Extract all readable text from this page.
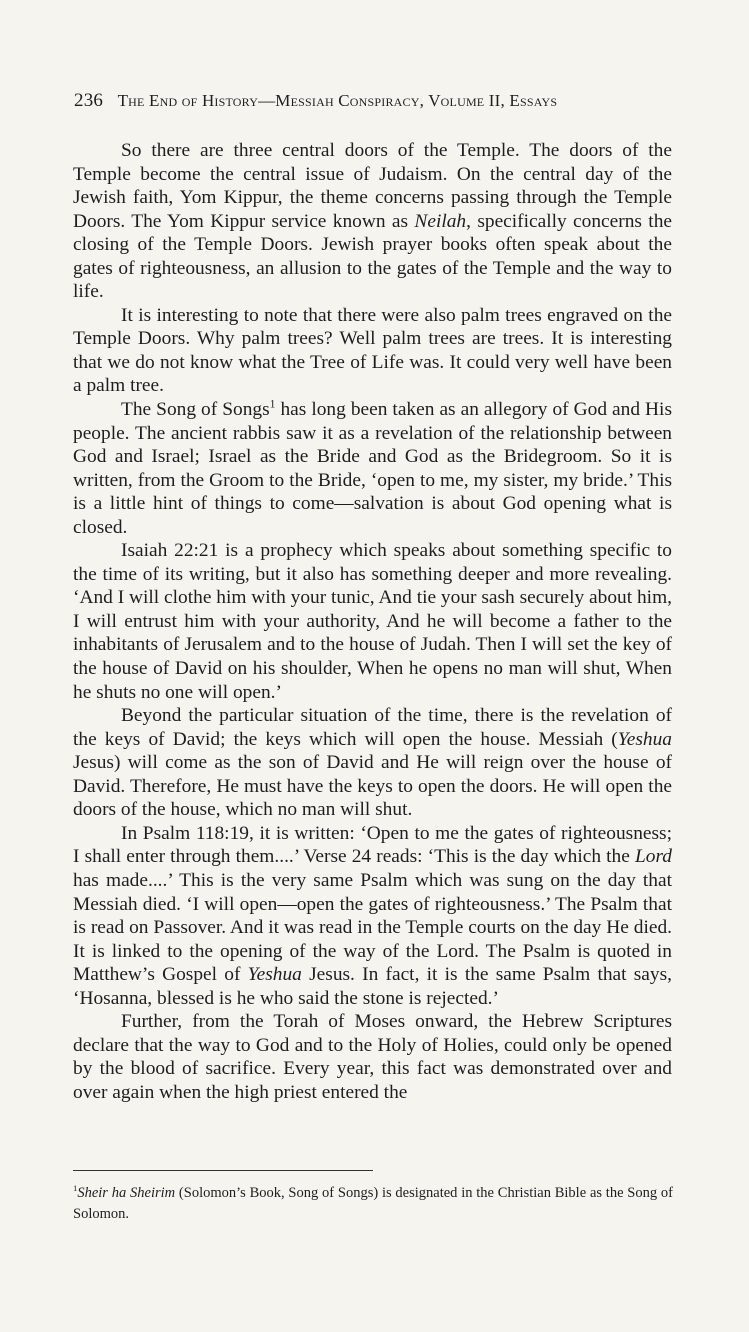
236 The End of History—Messiah Conspiracy, Volume II, Essays

So there are three central doors of the Temple. The doors of the Temple become the central issue of Judaism. On the central day of the Jewish faith, Yom Kippur, the theme concerns passing through the Temple Doors. The Yom Kippur service known as Neilah, specifically concerns the closing of the Temple Doors. Jewish prayer books often speak about the gates of righteousness, an allusion to the gates of the Temple and the way to life.

It is interesting to note that there were also palm trees engraved on the Temple Doors. Why palm trees? Well palm trees are trees. It is interesting that we do not know what the Tree of Life was. It could very well have been a palm tree.

The Song of Songs$^1$ has long been taken as an allegory of God and His people. The ancient rabbis saw it as a revelation of the relationship between God and Israel; Israel as the Bride and God as the Bridegroom. So it is written, from the Groom to the Bride, ‘open to me, my sister, my bride.’ This is a little hint of things to come—salvation is about God opening what is closed.

Isaiah 22:21 is a prophecy which speaks about something specific to the time of its writing, but it also has something deeper and more revealing. ‘And I will clothe him with your tunic, And tie your sash securely about him, I will entrust him with your authority, And he will become a father to the inhabitants of Jerusalem and to the house of Judah. Then I will set the key of the house of David on his shoulder, When he opens no man will shut, When he shuts no one will open.’

Beyond the particular situation of the time, there is the revelation of the keys of David; the keys which will open the house. Messiah (Yeshua Jesus) will come as the son of David and He will reign over the house of David. Therefore, He must have the keys to open the doors. He will open the doors of the house, which no man will shut.

In Psalm 118:19, it is written: ‘Open to me the gates of righteousness; I shall enter through them....’ Verse 24 reads: ‘This is the day which the Lord has made....’ This is the very same Psalm which was sung on the day that Messiah died. ‘I will open—open the gates of righteousness.’ The Psalm that is read on Passover. And it was read in the Temple courts on the day He died. It is linked to the opening of the way of the Lord. The Psalm is quoted in Matthew’s Gospel of Yeshua Jesus. In fact, it is the same Psalm that says, ‘Hosanna, blessed is he who said the stone is rejected.’

Further, from the Torah of Moses onward, the Hebrew Scriptures declare that the way to God and to the Holy of Holies, could only be opened by the blood of sacrifice. Every year, this fact was demonstrated over and over again when the high priest entered the

$^1$Sheir ha Sheirim (Solomon’s Book, Song of Songs) is designated in the Christian Bible as the Song of Solomon.
